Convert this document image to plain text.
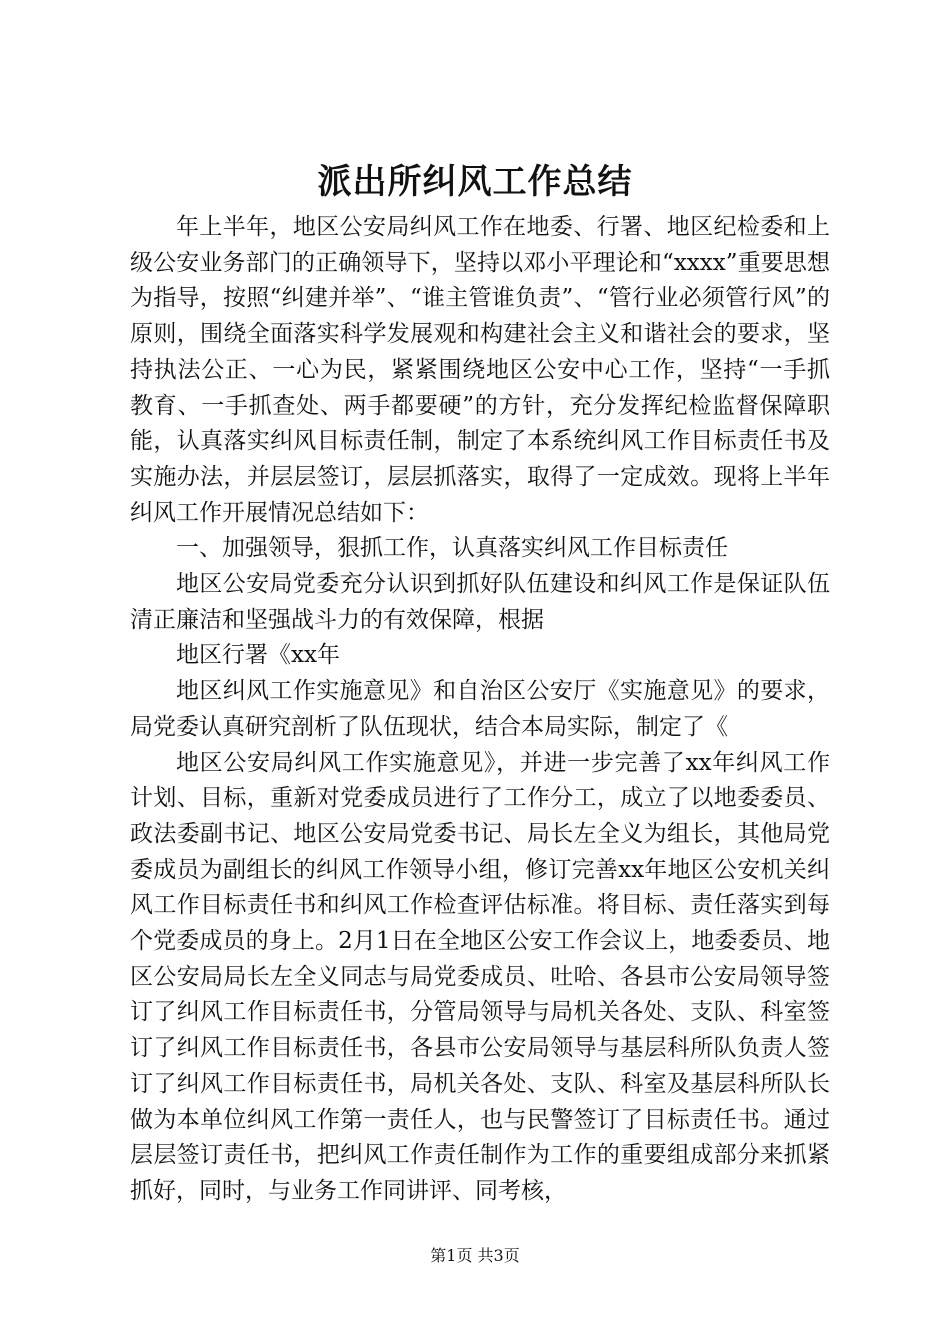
派出所纠风工作总结

年上半年，地区公安局纠风工作在地委、行署、地区纪检委和上级公安业务部门的正确领导下，坚持以邓小平理论和“xxxx”重要思想为指导，按照“纠建并举”、“谁主管谁负责”、“管行业必须管行风”的原则，围绕全面落实科学发展观和构建社会主义和谐社会的要求，坚持执法公正、一心为民，紧紧围绕地区公安中心工作，坚持“一手抓教育、一手抓查处、两手都要硬”的方针，充分发挥纪检监督保障职能，认真落实纠风目标责任制，制定了本系统纠风工作目标责任书及实施办法，并层层签订，层层抓落实，取得了一定成效。现将上半年纠风工作开展情况总结如下：

一、加强领导，狠抓工作，认真落实纠风工作目标责任

地区公安局党委充分认识到抓好队伍建设和纠风工作是保证队伍清正廉洁和坚强战斗力的有效保障，根据

地区行署《xx年

地区纠风工作实施意见》和自治区公安厅《实施意见》的要求，局党委认真研究剖析了队伍现状，结合本局实际，制定了《

地区公安局纠风工作实施意见》，并进一步完善了xx年纠风工作计划、目标，重新对党委成员进行了工作分工，成立了以地委委员、政法委副书记、地区公安局党委书记、局长左全义为组长，其他局党委成员为副组长的纠风工作领导小组，修订完善xx年地区公安机关纠风工作目标责任书和纠风工作检查评估标准。将目标、责任落实到每个党委成员的身上。2月1日在全地区公安工作会议上，地委委员、地区公安局局长左全义同志与局党委成员、吐哈、各县市公安局领导签订了纠风工作目标责任书，分管局领导与局机关各处、支队、科室签订了纠风工作目标责任书，各县市公安局领导与基层科所队负责人签订了纠风工作目标责任书，局机关各处、支队、科室及基层科所队长做为本单位纠风工作第一责任人，也与民警签订了目标责任书。通过层层签订责任书，把纠风工作责任制作为工作的重要组成部分来抓紧抓好，同时，与业务工作同讲评、同考核，

第1页 共3页
